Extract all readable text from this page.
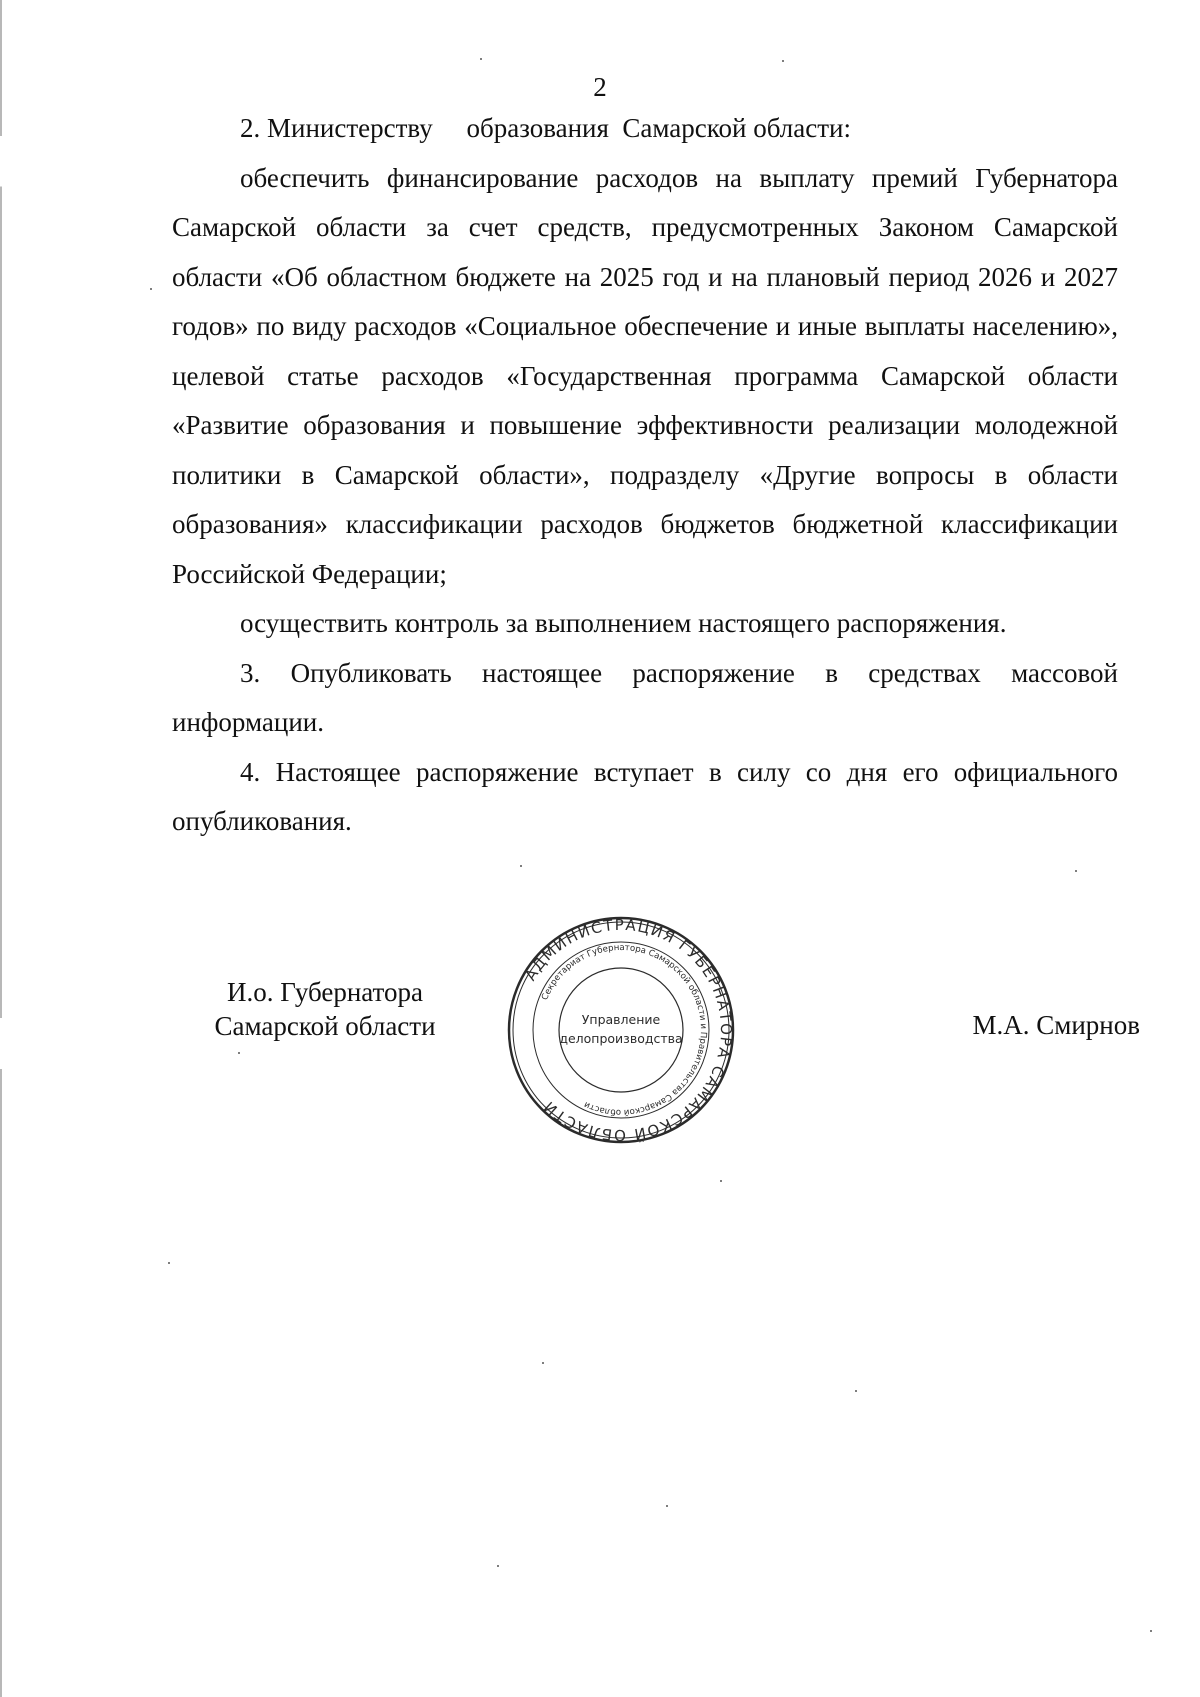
2

2. Министерству     образования  Самарской области:

обеспечить финансирование расходов на выплату премий Губернатора Самарской области за счет средств, предусмотренных Законом Самарской области «Об областном бюджете на 2025 год и на плановый период 2026 и 2027 годов» по виду расходов «Социальное обеспечение и иные выплаты населению», целевой статье расходов «Государственная программа Самарской области «Развитие образования и повышение эффективности реализации молодежной политики в Самарской области», подразделу «Другие вопросы в области образования» классификации расходов бюджетов бюджетной классификации Российской Федерации;

осуществить контроль за выполнением настоящего распоряжения.

3. Опубликовать настоящее распоряжение в средствах массовой информации.

4. Настоящее распоряжение вступает в силу со дня его официального опубликования.

И.о. Губернатора
Самарской области
АДМИНИСТРАЦИЯ ГУБЕРНАТОРА САМАРСКОЙ ОБЛАСТИ
Секретариат Губернатора Самарской области и Правительства Самарской области
Управление
делопроизводства	М.А. Смирнов
